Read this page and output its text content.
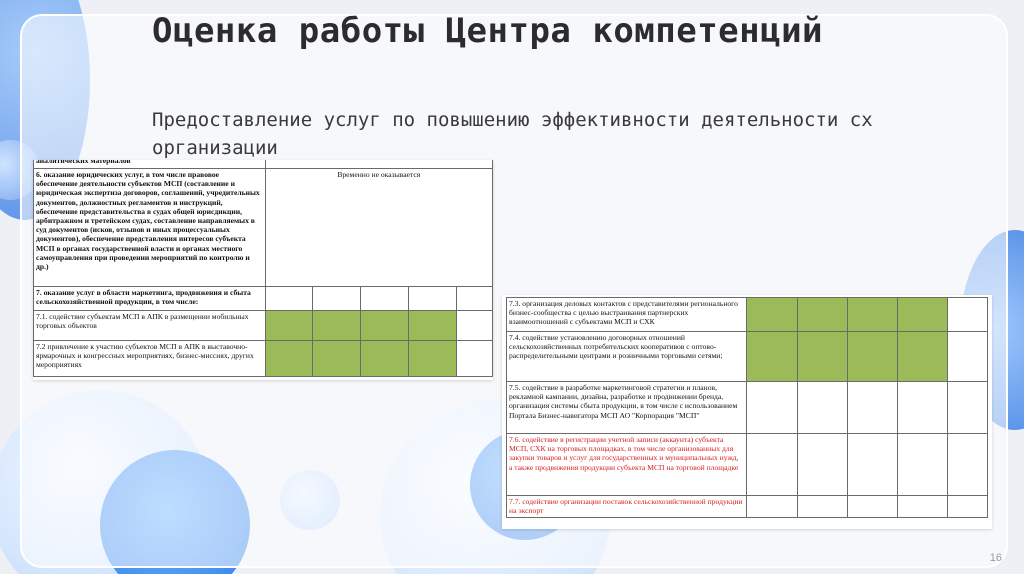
Оценка работы Центра компетенций
Предоставление услуг по повышению эффективности деятельности сх организации
аналитических материалов					
6. оказание юридических услуг, в том числе правовое обеспечение деятельности субъектов МСП (составление и юридическая экспертиза договоров, соглашений, учредительных документов, должностных регламентов и инструкций, обеспечение представительства в судах общей юрисдикции, арбитражном и третейском судах, составление направляемых в суд документов (исков, отзывов и иных процессуальных документов), обеспечение представления интересов субъекта МСП в органах государственной власти и органах местного самоуправления при проведении мероприятий по контролю и др.)	Временно не оказывается				
7. оказание услуг в области маркетинга, продвижения и сбыта сельскохозяйственной продукции, в том числе:					
7.1. содействие субъектам МСП в АПК в размещении мобильных торговых объектов					
7.2 привлечение к участию субъектов МСП в АПК в выставочно-ярмарочных и конгрессных мероприятиях, бизнес-миссиях, других мероприятиях					
7.3. организация деловых контактов с представителями регионального бизнес-сообщества с целью выстраивания партнерских взаимоотношений с субъектами МСП и СХК					
7.4. содействие установлению договорных отношений сельскохозяйственных потребительских кооперативов с оптово-распределительными центрами и розничными торговыми сетями;					
7.5. содействие в разработке маркетинговой стратегии и планов, рекламной кампании, дизайна, разработке и продвижении бренда, организация системы сбыта продукции, в том числе с использованием Портала Бизнес-навигатора МСП АО "Корпорация "МСП"					
7.6. содействие в регистрации учетной записи (аккаунта) субъекта МСП, СХК на торговых площадках, в том числе организованных для закупки товаров и услуг для государственных и муниципальных нужд, а также продвижения продукции субъекта МСП на торговой площадке					
7.7. содействие организации поставок сельскохозяйственной продукции на экспорт					
16
